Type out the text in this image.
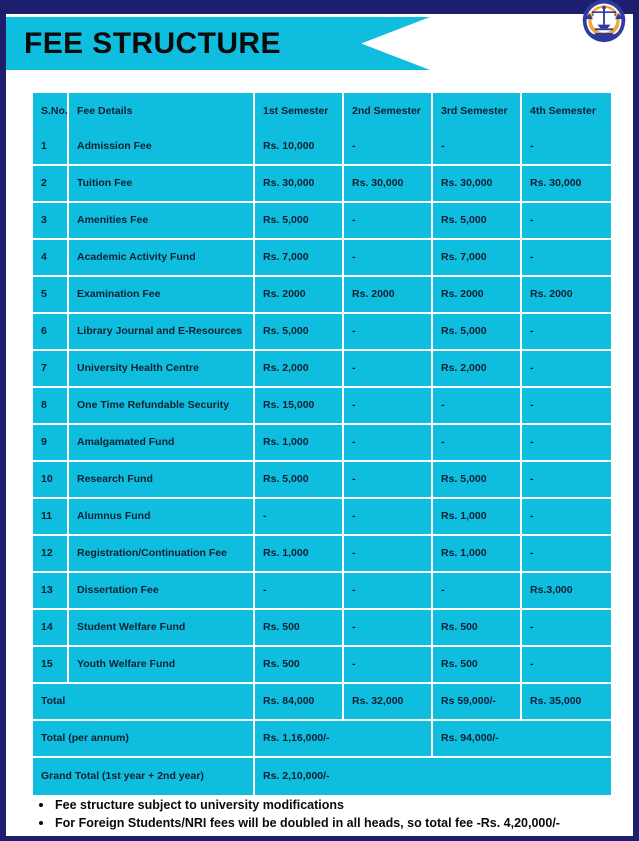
FEE STRUCTURE
S.No.	Fee Details	1st Semester	2nd Semester	3rd Semester	4th Semester
1	Admission Fee	Rs. 10,000	-	-	-
2	Tuition Fee	Rs. 30,000	Rs. 30,000	Rs. 30,000	Rs. 30,000
3	Amenities Fee	Rs. 5,000	-	Rs. 5,000	-
4	Academic Activity Fund	Rs. 7,000	-	Rs. 7,000	-
5	Examination Fee	Rs. 2000	Rs. 2000	Rs. 2000	Rs. 2000
6	Library Journal and E-Resources	Rs. 5,000	-	Rs. 5,000	-
7	University Health Centre	Rs. 2,000	-	Rs. 2,000	-
8	One Time Refundable Security	Rs. 15,000	-	-	-
9	Amalgamated Fund	Rs. 1,000	-	-	-
10	Research Fund	Rs. 5,000	-	Rs. 5,000	-
11	Alumnus Fund	-	-	Rs. 1,000	-
12	Registration/Continuation Fee	Rs. 1,000	-	Rs. 1,000	-
13	Dissertation Fee	-	-	-	Rs.3,000
14	Student Welfare Fund	Rs. 500	-	Rs. 500	-
15	Youth Welfare Fund	Rs. 500	-	Rs. 500	-
Total		Rs. 84,000	Rs. 32,000	Rs 59,000/-	Rs. 35,000
Total (per annum)		Rs. 1,16,000/-		Rs. 94,000/-	
Grand Total (1st year + 2nd year)		Rs. 2,10,000/-			
Fee structure subject to university modifications
For Foreign Students/NRI fees will be doubled in all heads, so total fee -Rs. 4,20,000/-
